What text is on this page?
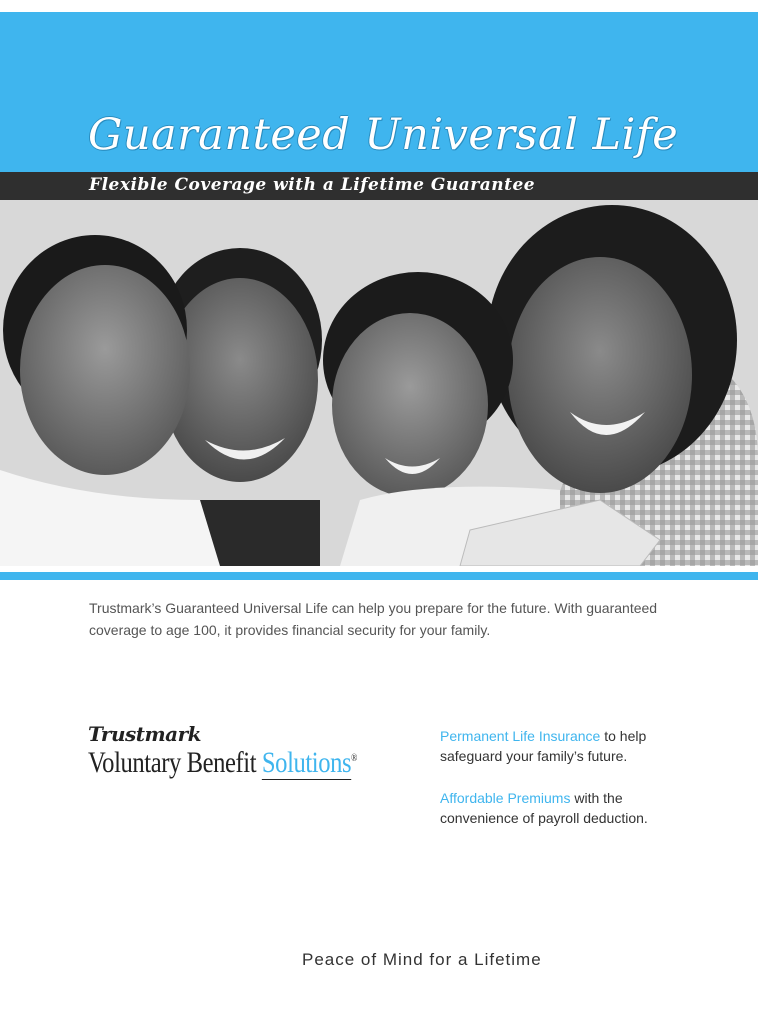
Guaranteed Universal Life
Flexible Coverage with a Lifetime Guarantee
Trustmark’s Guaranteed Universal Life can help you prepare for the future. With guaranteed coverage to age 100, it provides financial security for your family.
Trustmark
Voluntary Benefit Solutions®
Permanent Life Insurance to help safeguard your family’s future.
Affordable Premiums with the convenience of payroll deduction.
Peace of Mind for a Lifetime
